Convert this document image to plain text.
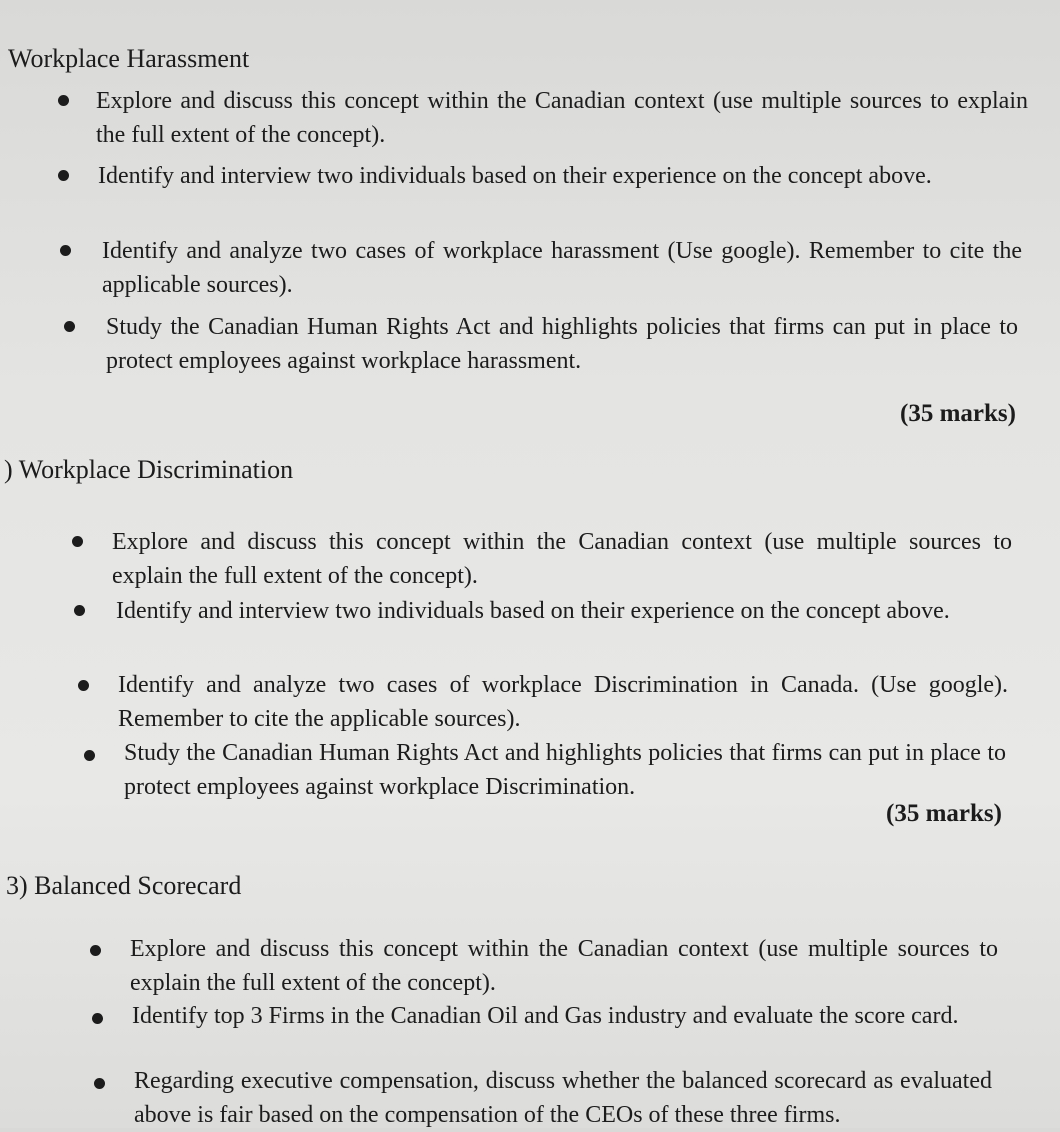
Workplace Harassment

Explore and discuss this concept within the Canadian context (use multiple sources to explain the full extent of the concept).

Identify and interview two individuals based on their experience on the concept above.

Identify and analyze two cases of workplace harassment (Use google). Remember to cite the applicable sources).

Study the Canadian Human Rights Act and highlights policies that firms can put in place to protect employees against workplace harassment.

(35 marks)
) Workplace Discrimination

Explore and discuss this concept within the Canadian context (use multiple sources to explain the full extent of the concept).

Identify and interview two individuals based on their experience on the concept above.

Identify and analyze two cases of workplace Discrimination in Canada. (Use google). Remember to cite the applicable sources).

Study the Canadian Human Rights Act and highlights policies that firms can put in place to protect employees against workplace Discrimination.

(35 marks)
3) Balanced Scorecard

Explore and discuss this concept within the Canadian context (use multiple sources to explain the full extent of the concept).

Identify top 3 Firms in the Canadian Oil and Gas industry and evaluate the score card.

Regarding executive compensation, discuss whether the balanced scorecard as evaluated above is fair based on the compensation of the CEOs of these three firms.
